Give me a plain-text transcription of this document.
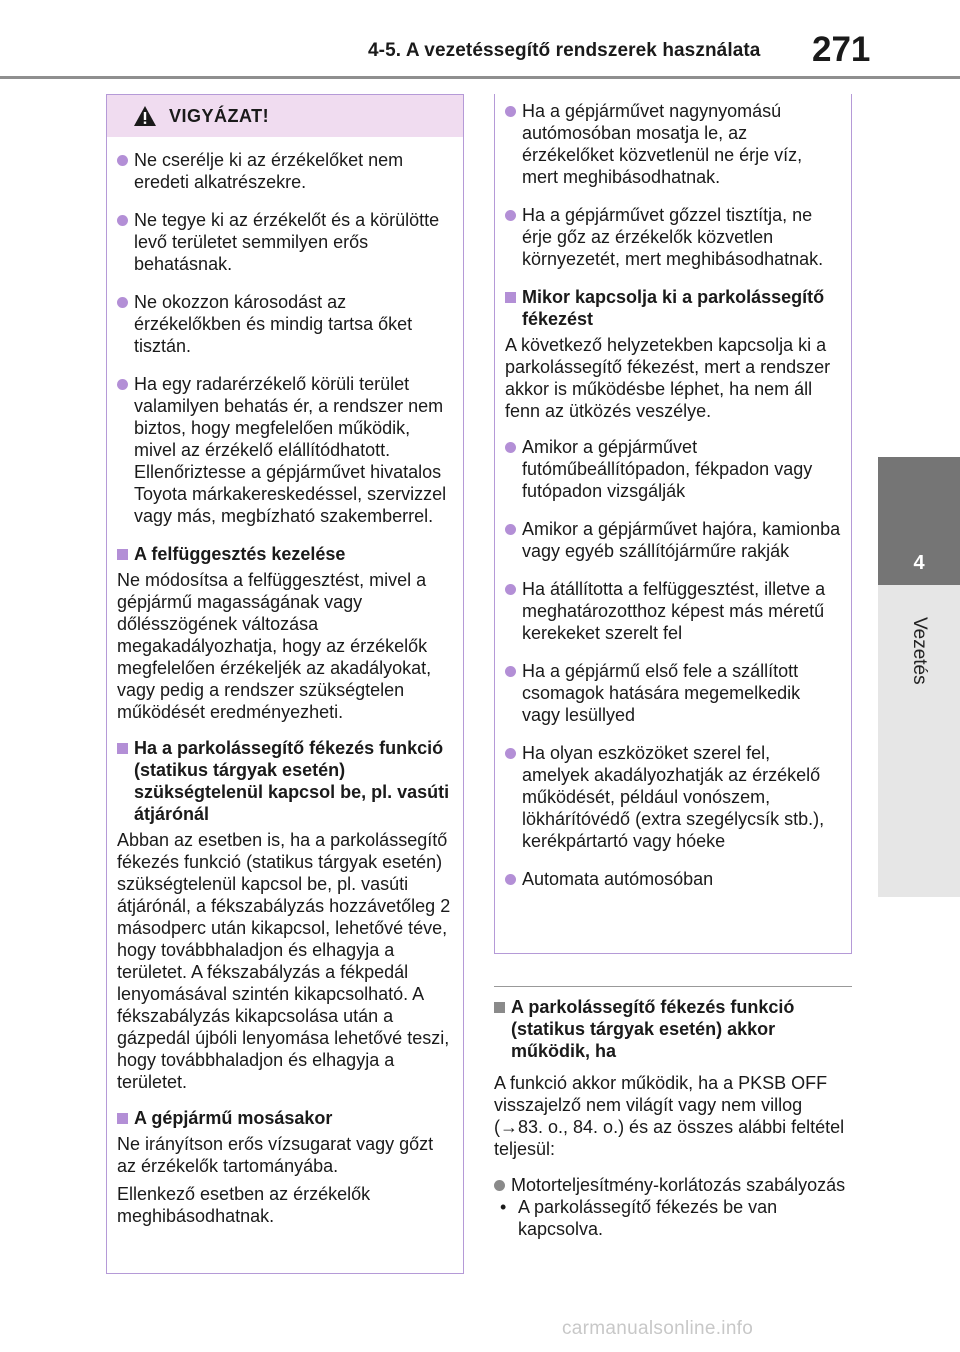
4-5. A vezetéssegítő rendszerek használata 271
4
Vezetés
VIGYÁZAT!
Ne cserélje ki az érzékelőket nem eredeti alkatrészekre.
Ne tegye ki az érzékelőt és a körülötte levő területet semmilyen erős behatásnak.
Ne okozzon károsodást az érzékelőkben és mindig tartsa őket tisztán.
Ha egy radarérzékelő körüli terület valamilyen behatás ér, a rendszer nem biztos, hogy megfelelően működik, mivel az érzékelő elállítódhatott. Ellenőriztesse a gépjárművet hivatalos Toyota márkakereskedéssel, szervizzel vagy más, megbízható szakemberrel.
A felfüggesztés kezelése
Ne módosítsa a felfüggesztést, mivel a gépjármű magasságának vagy dőlésszögének változása megakadályozhatja, hogy az érzékelők megfelelően érzékeljék az akadályokat, vagy pedig a rendszer szükségtelen működését eredményezheti.
Ha a parkolássegítő fékezés funkció (statikus tárgyak esetén) szükségtelenül kapcsol be, pl. vasúti átjárónál
Abban az esetben is, ha a parkolássegítő fékezés funkció (statikus tárgyak esetén) szükségtelenül kapcsol be, pl. vasúti átjárónál, a fékszabályzás hozzávetőleg 2 másodperc után kikapcsol, lehetővé téve, hogy továbbhaladjon és elhagyja a területet. A fékszabályzás a fékpedál lenyomásával szintén kikapcsolható. A fékszabályzás kikapcsolása után a gázpedál újbóli lenyomása lehetővé teszi, hogy továbbhaladjon és elhagyja a területet.
A gépjármű mosásakor
Ne irányítson erős vízsugarat vagy gőzt az érzékelők tartományába.
Ellenkező esetben az érzékelők meghibásodhatnak.
Ha a gépjárművet nagynyomású autómosóban mosatja le, az érzékelőket közvetlenül ne érje víz, mert meghibásodhatnak.
Ha a gépjárművet gőzzel tisztítja, ne érje gőz az érzékelők közvetlen környezetét, mert meghibásodhatnak.
Mikor kapcsolja ki a parkolássegítő fékezést
A következő helyzetekben kapcsolja ki a parkolássegítő fékezést, mert a rendszer akkor is működésbe léphet, ha nem áll fenn az ütközés veszélye.
Amikor a gépjárművet futóműbeállítópadon, fékpadon vagy futópadon vizsgálják
Amikor a gépjárművet hajóra, kamionba vagy egyéb szállítójárműre rakják
Ha átállította a felfüggesztést, illetve a meghatározotthoz képest más méretű kerekeket szerelt fel
Ha a gépjármű első fele a szállított csomagok hatására megemelkedik vagy lesüllyed
Ha olyan eszközöket szerel fel, amelyek akadályozhatják az érzékelő működését, például vonószem, lökhárítóvédő (extra szegélycsík stb.), kerékpártartó vagy hóeke
Automata autómosóban
A parkolássegítő fékezés funkció (statikus tárgyak esetén) akkor működik, ha
A funkció akkor működik, ha a PKSB OFF visszajelző nem világít vagy nem villog (→83. o., 84. o.) és az összes alábbi feltétel teljesül:
Motorteljesítmény-korlátozás szabályozás
• A parkolássegítő fékezés be van kapcsolva.
carmanualsonline.info
